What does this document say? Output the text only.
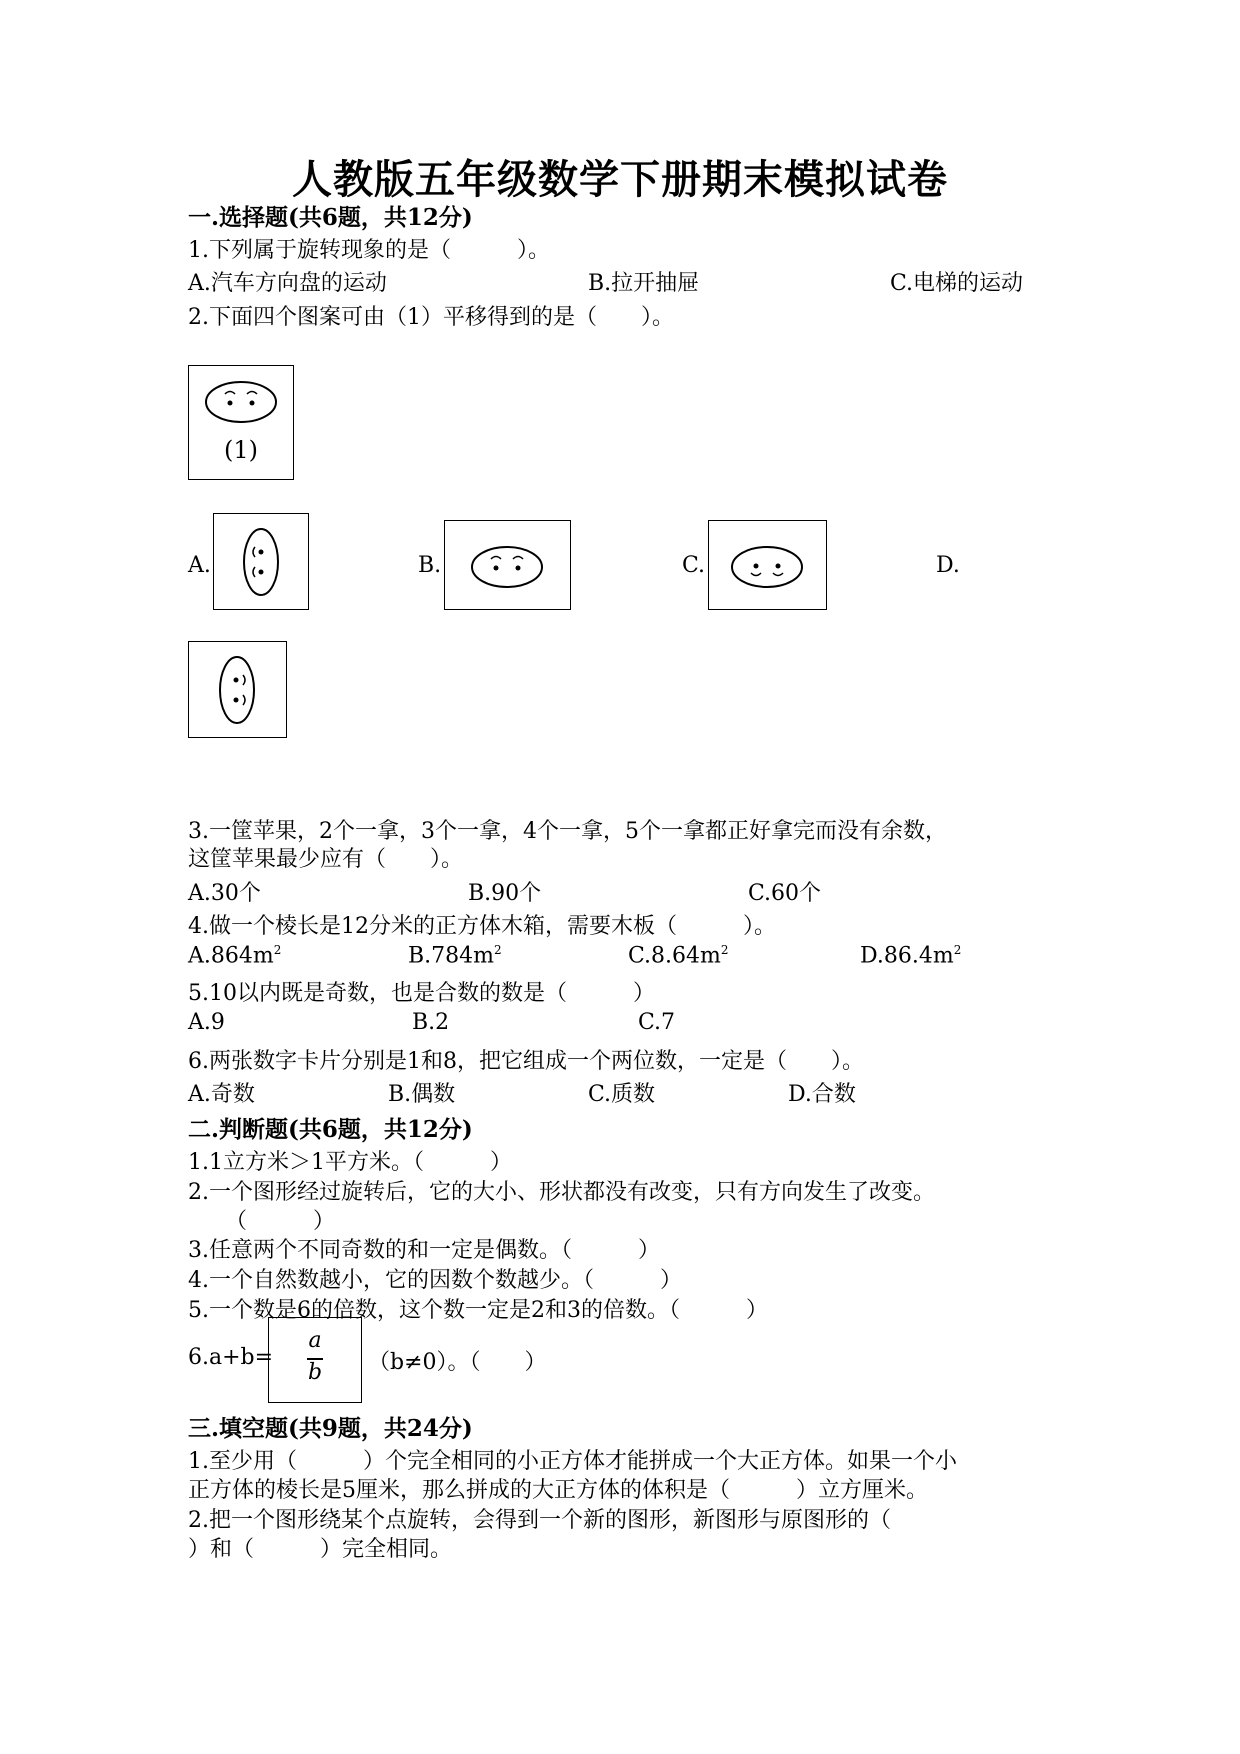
人教版五年级数学下册期末模拟试卷
一.选择题(共6题，共12分)
1.下列属于旋转现象的是（　　　）。
A.汽车方向盘的运动	B.拉开抽屉	C.电梯的运动
2.下面四个图案可由（1）平移得到的是（　　）。
(1)
A.	B.	C.	D.
3.一筐苹果，2个一拿，3个一拿，4个一拿，5个一拿都正好拿完而没有余数，
这筐苹果最少应有（　　）。
A.30个	B.90个	C.60个
4.做一个棱长是12分米的正方体木箱，需要木板（　　　）。
$A.864m^2$	$B.784m^2$	$C.8.64m^2$	$D.86.4m^2$
5.10以内既是奇数，也是合数的数是（　　　）
A.9	B.2	C.7
6.两张数字卡片分别是1和8，把它组成一个两位数，一定是（　　）。
A.奇数	B.偶数	C.质数	D.合数
二.判断题(共6题，共12分)
1.1立方米＞1平方米。（　　　）
2.一个图形经过旋转后，它的大小、形状都没有改变，只有方向发生了改变。
（　　　）
3.任意两个不同奇数的和一定是偶数。（　　　）
4.一个自然数越小，它的因数个数越少。（　　　）
5.一个数是6的倍数，这个数一定是2和3的倍数。（　　　）
6.a+b=
a
b	（b≠0）。（　　）
三.填空题(共9题，共24分)
1.至少用（　　　）个完全相同的小正方体才能拼成一个大正方体。如果一个小
正方体的棱长是5厘米，那么拼成的大正方体的体积是（　　　）立方厘米。
2.把一个图形绕某个点旋转，会得到一个新的图形，新图形与原图形的（
）和（　　　）完全相同。
